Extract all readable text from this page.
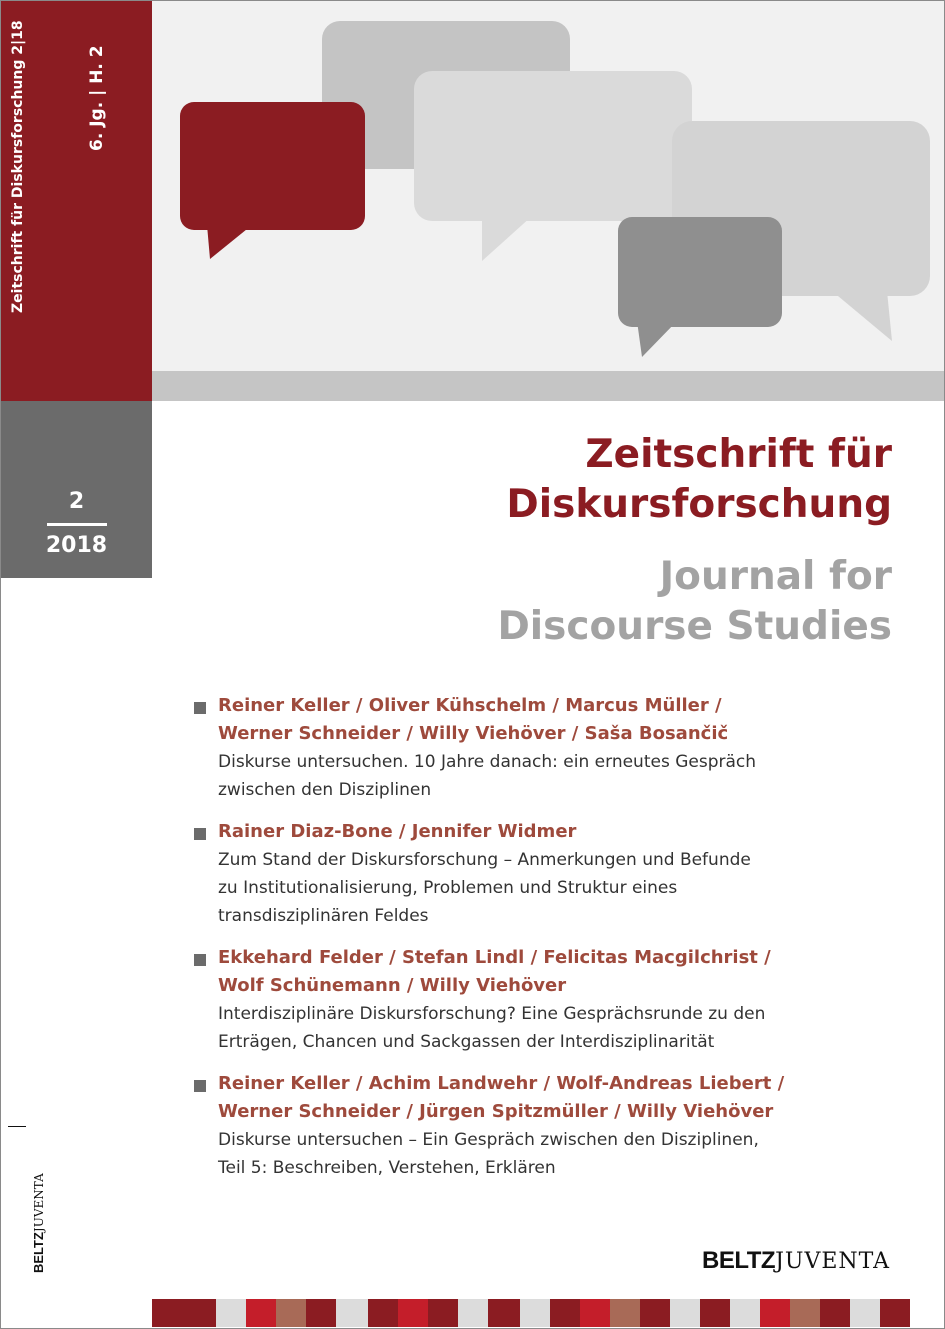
Zeitschrift für Diskursforschung 2|18	6. Jg. | H. 2
2
2018
Zeitschrift für
Diskursforschung
Journal for
Discourse Studies
Reiner Keller / Oliver Kühschelm / Marcus Müller /
Werner Schneider / Willy Viehöver / Saša Bosančič
Diskurse untersuchen. 10 Jahre danach: ein erneutes Gespräch
zwischen den Disziplinen
Rainer Diaz-Bone / Jennifer Widmer
Zum Stand der Diskursforschung – Anmerkungen und Befunde
zu Institutionalisierung, Problemen und Struktur eines
transdisziplinären Feldes
Ekkehard Felder / Stefan Lindl / Felicitas Macgilchrist /
Wolf Schünemann / Willy Viehöver
Interdisziplinäre Diskursforschung? Eine Gesprächsrunde zu den
Erträgen, Chancen und Sackgassen der Interdisziplinarität
Reiner Keller / Achim Landwehr / Wolf-Andreas Liebert /
Werner Schneider / Jürgen Spitzmüller / Willy Viehöver
Diskurse untersuchen – Ein Gespräch zwischen den Disziplinen,
Teil 5: Beschreiben, Verstehen, Erklären
BELTZJUVENTA
BELTZJUVENTA
